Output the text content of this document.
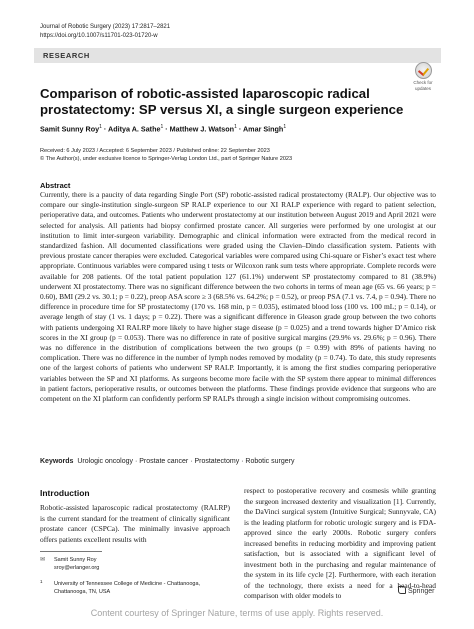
Journal of Robotic Surgery (2023) 17:2817–2821
https://doi.org/10.1007/s11701-023-01720-w
RESEARCH
Check for
updates
Comparison of robotic-assisted laparoscopic radical prostatectomy: SP versus XI, a single surgeon experience
Samit Sunny Roy$^1$ · Aditya A. Sathe$^1$ · Matthew J. Watson$^1$ · Amar Singh$^1$
Received: 6 July 2023 / Accepted: 6 September 2023 / Published online: 22 September 2023
© The Author(s), under exclusive licence to Springer-Verlag London Ltd., part of Springer Nature 2023
Abstract
Currently, there is a paucity of data regarding Single Port (SP) robotic-assisted radical prostatectomy (RALP). Our objective was to compare our single-institution single-surgeon SP RALP experience to our XI RALP experience with regard to patient selection, perioperative data, and outcomes. Patients who underwent prostatectomy at our institution between August 2019 and April 2021 were selected for analysis. All patients had biopsy confirmed prostate cancer. All surgeries were performed by one urologist at our institution to limit inter-surgeon variability. Demographic and clinical information were extracted from the medical record in standardized fashion. All documented classifications were graded using the Clavien–Dindo classification system. Patients with previous prostate cancer therapies were excluded. Categorical variables were compared using Chi-square or Fisher’s exact test where appropriate. Continuous variables were compared using t tests or Wilcoxon rank sum tests where appropriate. Complete records were available for 208 patients. Of the total patient population 127 (61.1%) underwent SP prostatectomy compared to 81 (38.9%) underwent XI prostatectomy. There was no significant difference between the two cohorts in terms of mean age (65 vs. 66 years; p = 0.60), BMI (29.2 vs. 30.1; p = 0.22), preop ASA score ≥ 3 (68.5% vs. 64.2%; p = 0.52), or preop PSA (7.1 vs. 7.4, p = 0.94). There no difference in procedure time for SP prostatectomy (170 vs. 168 min, p = 0.035), estimated blood loss (100 vs. 100 mL; p = 0.14), or average length of stay (1 vs. 1 days; p = 0.22). There was a significant difference in Gleason grade group between the two cohorts with patients undergoing XI RALRP more likely to have higher stage disease (p = 0.025) and a trend towards higher D’Amico risk scores in the XI group (p = 0.053). There was no difference in rate of positive surgical margins (29.9% vs. 29.6%; p = 0.96). There was no difference in the distribution of complications between the two groups (p = 0.99) with 89% of patients having no complication. There was no difference in the number of lymph nodes removed by modality (p = 0.74). To date, this study represents one of the largest cohorts of patients who underwent SP RALP. Importantly, it is among the first studies comparing perioperative variables between the SP and XI platforms. As surgeons become more facile with the SP system there appear to minimal differences in patient factors, perioperative results, or outcomes between the platforms. These findings provide evidence that surgeons who are competent on the XI platform can confidently perform SP RALPs through a single incision without compromising outcomes.
Keywords Urologic oncology · Prostate cancer · Prostatectomy · Robotic surgery
Introduction
Robotic-assisted laparoscopic radical prostatectomy (RALRP) is the current standard for the treatment of clinically significant prostate cancer (CSPCa). The minimally invasive approach offers patients excellent results with
respect to postoperative recovery and cosmesis while granting the surgeon increased dexterity and visualization [1]. Currently, the DaVinci surgical system (Intuitive Surgical; Sunnyvale, CA) is the leading platform for robotic urologic surgery and is FDA-approved since the early 2000s. Robotic surgery confers increased benefits in reducing morbidity and improving patient satisfaction, but is associated with a significant level of investment both in the purchasing and regular maintenance of the system in its life cycle [2]. Furthermore, with each iteration of the technology, there exists a need for a head-to-head comparison with older models to
✉ Samit Sunny Roy
sroy@erlanger.org
1 University of Tennessee College of Medicine - Chattanooga, Chattanooga, TN, USA	Springer
Content courtesy of Springer Nature, terms of use apply. Rights reserved.
